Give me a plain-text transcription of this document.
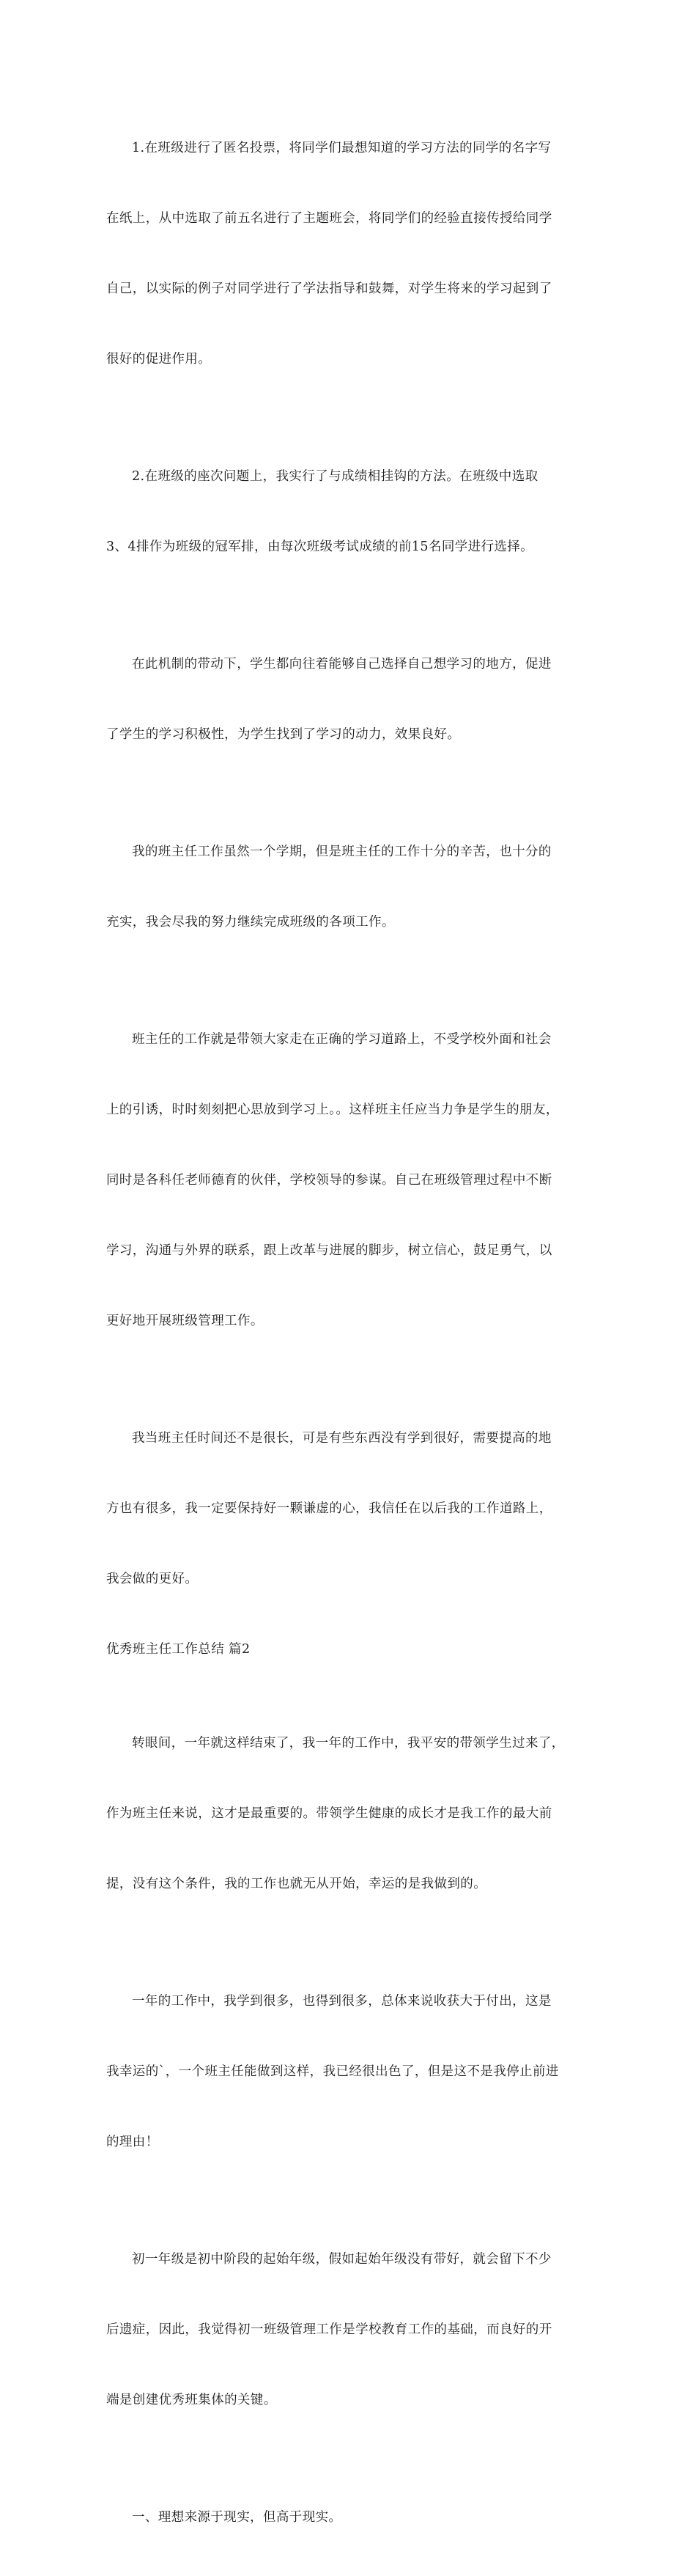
1.在班级进行了匿名投票，将同学们最想知道的学习方法的同学的名字写

在纸上，从中选取了前五名进行了主题班会，将同学们的经验直接传授给同学

自己，以实际的例子对同学进行了学法指导和鼓舞，对学生将来的学习起到了

很好的促进作用。

2.在班级的座次问题上，我实行了与成绩相挂钩的方法。在班级中选取

3、4排作为班级的冠军排，由每次班级考试成绩的前15名同学进行选择。

在此机制的带动下，学生都向往着能够自己选择自己想学习的地方，促进

了学生的学习积极性，为学生找到了学习的动力，效果良好。

我的班主任工作虽然一个学期，但是班主任的工作十分的辛苦，也十分的

充实，我会尽我的努力继续完成班级的各项工作。

班主任的工作就是带领大家走在正确的学习道路上，不受学校外面和社会

上的引诱，时时刻刻把心思放到学习上。。这样班主任应当力争是学生的朋友，

同时是各科任老师德育的伙伴，学校领导的参谋。自己在班级管理过程中不断

学习，沟通与外界的联系，跟上改革与进展的脚步，树立信心，鼓足勇气，以

更好地开展班级管理工作。

我当班主任时间还不是很长，可是有些东西没有学到很好，需要提高的地

方也有很多，我一定要保持好一颗谦虚的心，我信任在以后我的工作道路上，

我会做的更好。

优秀班主任工作总结 篇2

转眼间，一年就这样结束了，我一年的工作中，我平安的带领学生过来了，

作为班主任来说，这才是最重要的。带领学生健康的成长才是我工作的最大前

提，没有这个条件，我的工作也就无从开始，幸运的是我做到的。

一年的工作中，我学到很多，也得到很多，总体来说收获大于付出，这是

我幸运的`，一个班主任能做到这样，我已经很出色了，但是这不是我停止前进

的理由！

初一年级是初中阶段的起始年级，假如起始年级没有带好，就会留下不少

后遗症，因此，我觉得初一班级管理工作是学校教育工作的基础，而良好的开

端是创建优秀班集体的关键。

一、理想来源于现实，但高于现实。
